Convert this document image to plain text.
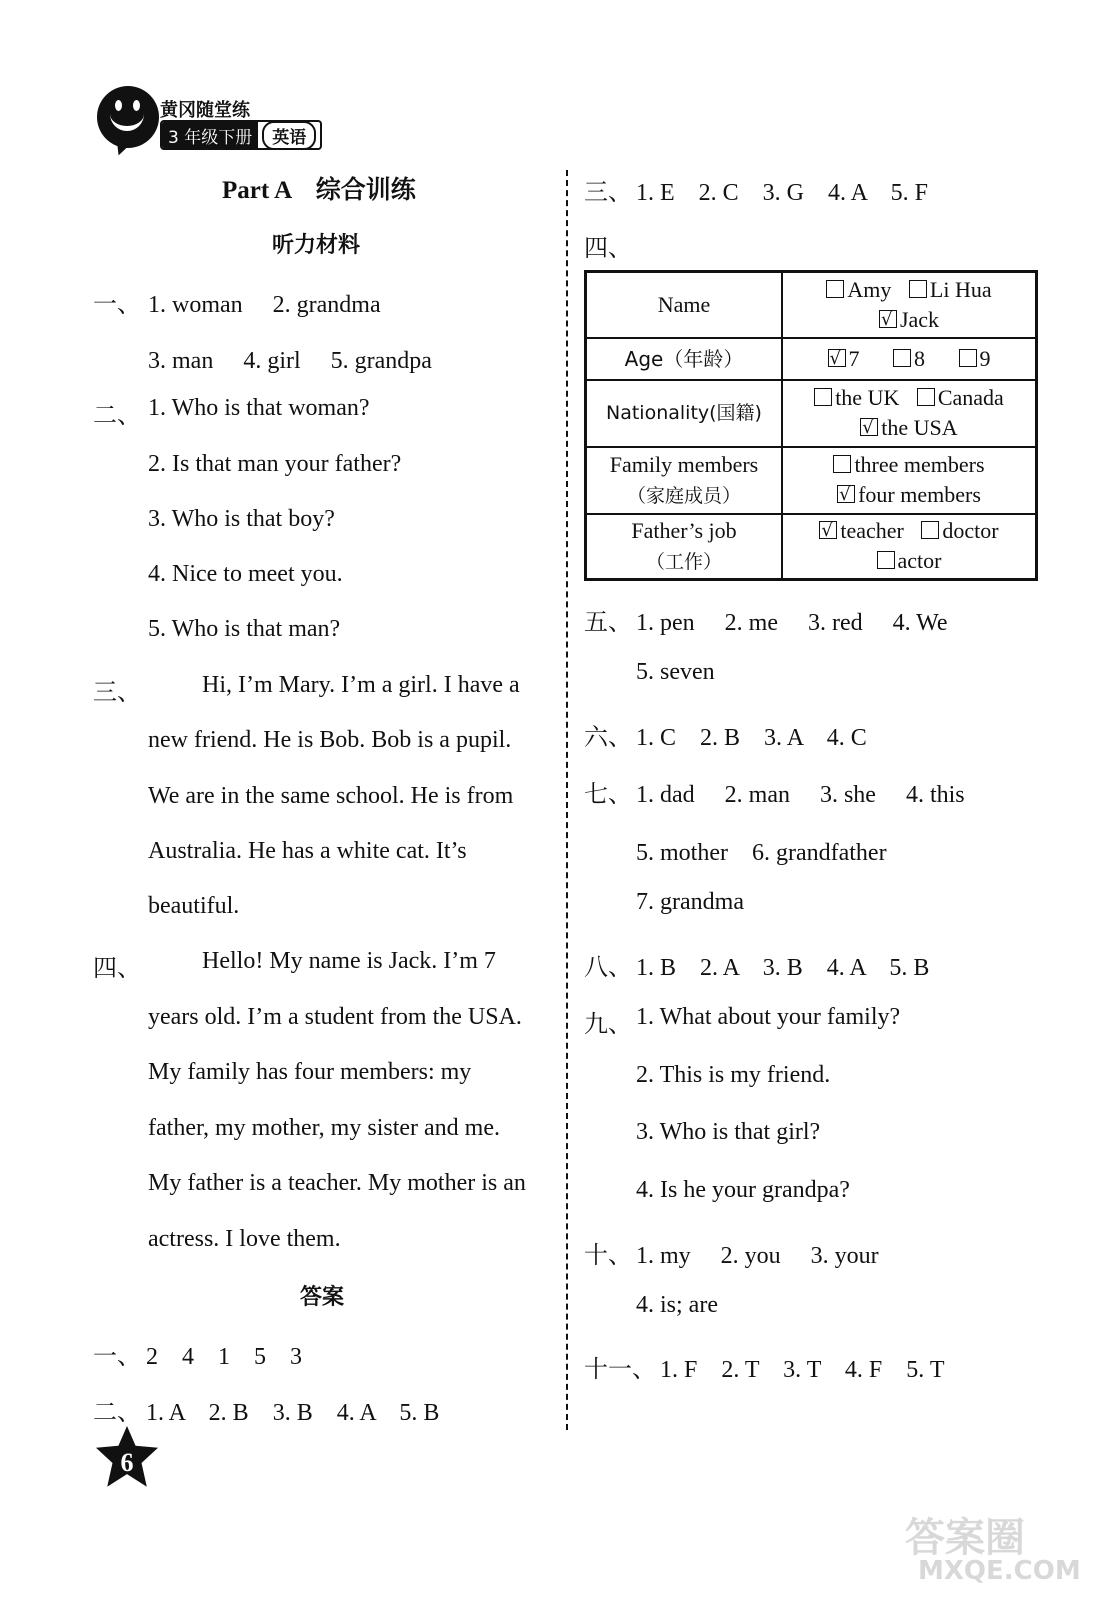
黄冈随堂练
3 年级下册	英语
Part A　综合训练
听力材料
一、 1. woman　 2. grandma
3. man　 4. girl　 5. grandpa
二、 1. Who is that woman?
2. Is that man your father?
3. Who is that boy?
4. Nice to meet you.
5. Who is that man?
三、	Hi, I’m Mary. I’m a girl. I have a
new friend. He is Bob. Bob is a pupil.
We are in the same school. He is from
Australia. He has a white cat. It’s
beautiful.
四、	Hello! My name is Jack. I’m 7
years old. I’m a student from the USA.
My family has four members: my
father, my mother, my sister and me.
My father is a teacher. My mother is an
actress. I love them.
答案
一、 2　4　1　5　3
二、 1. A　2. B　3. B　4. A　5. B
三、 1. E　2. C　3. G　4. A　5. F
四、
Name	Amy Li Hua
√Jack
Age（年龄）	√7 8 9
Nationality(国籍)	the UK Canada
√the USA
Family members
（家庭成员）	three members
√four members
Father’s job
（工作）	√teacher doctor
actor
五、 1. pen　 2. me　 3. red　 4. We
5. seven
六、 1. C　2. B　3. A　4. C
七、 1. dad　 2. man　 3. she　 4. this
5. mother　6. grandfather
7. grandma
八、 1. B　2. A　3. B　4. A　5. B
九、 1. What about your family?
2. This is my friend.
3. Who is that girl?
4. Is he your grandpa?
十、 1. my　 2. you　 3. your
4. is; are
十一、 1. F　2. T　3. T　4. F　5. T
6
答案圈
MXQE.COM
